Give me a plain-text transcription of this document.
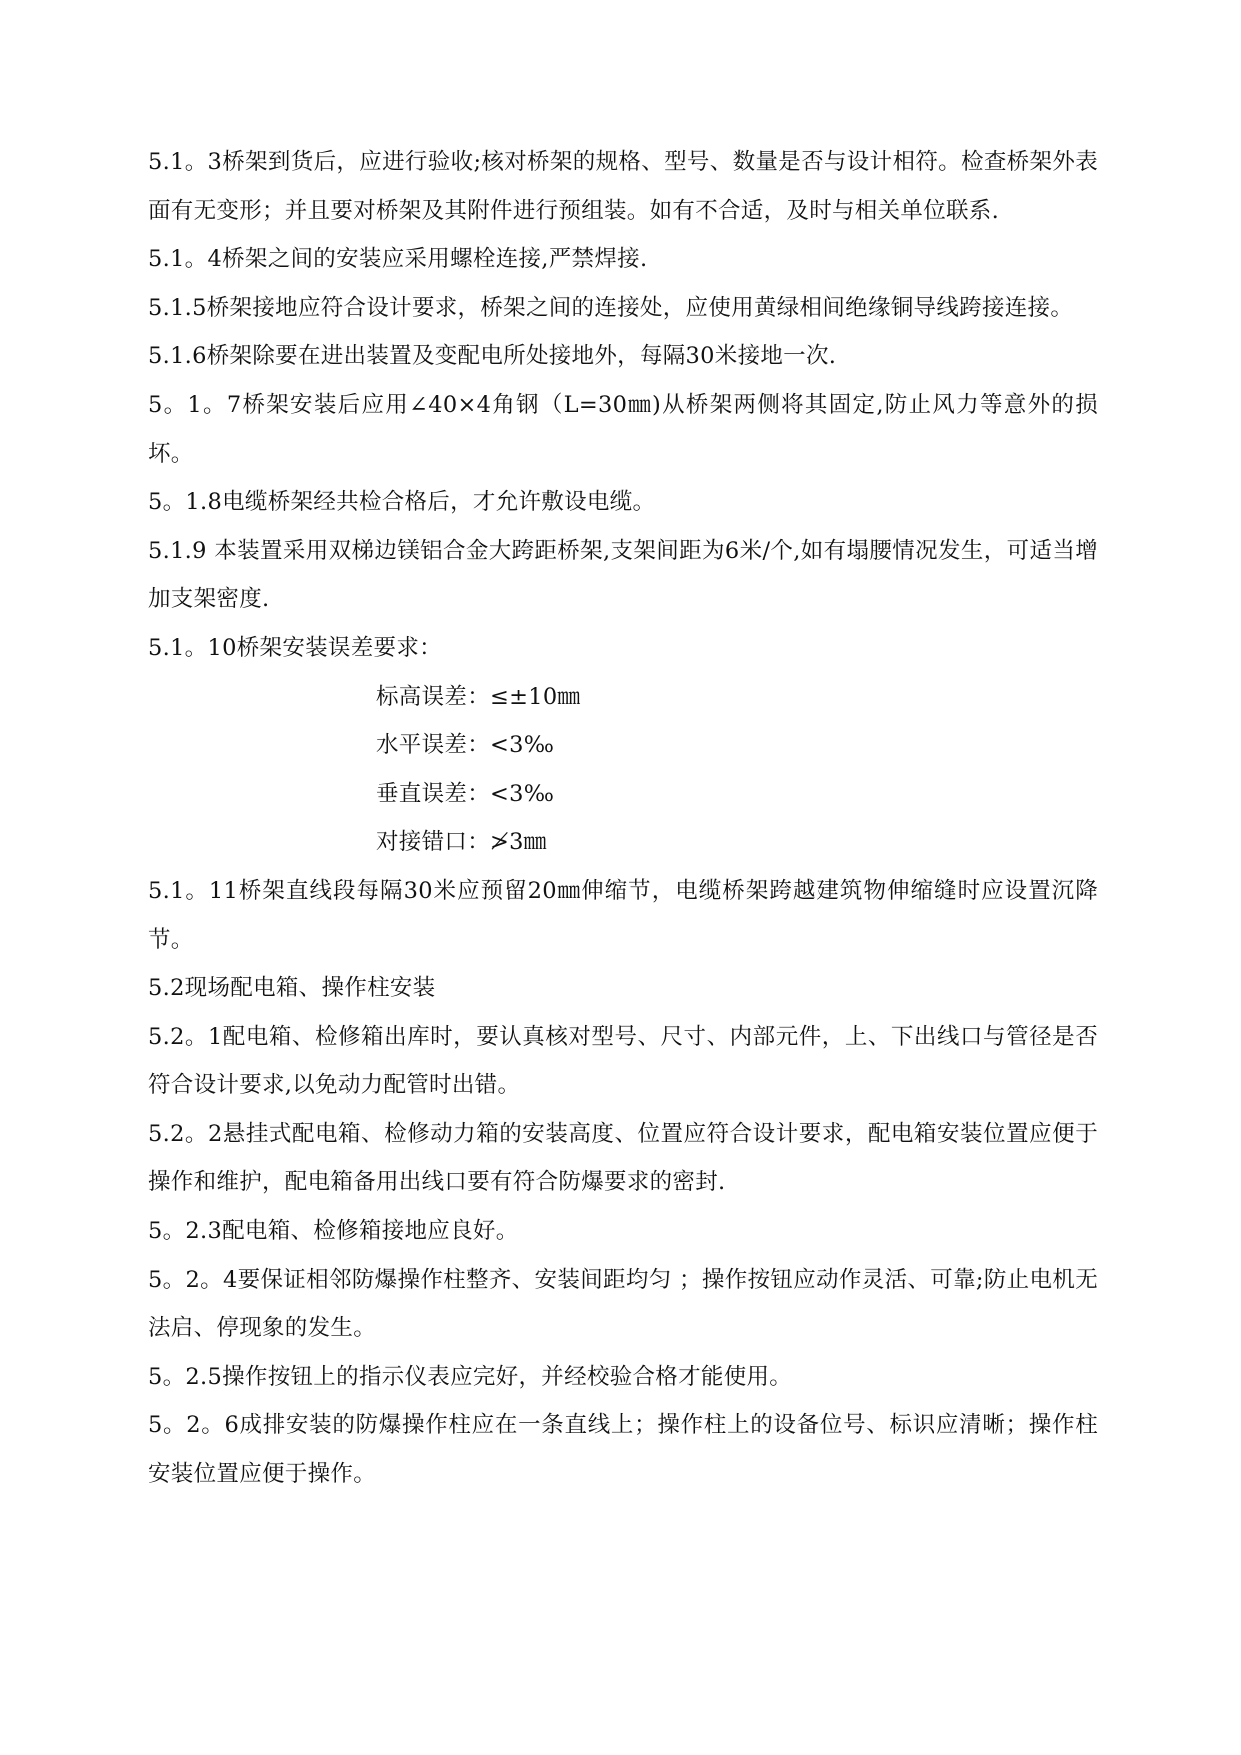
5.1。3桥架到货后，应进行验收;核对桥架的规格、型号、数量是否与设计相符。检查桥架外表面有无变形；并且要对桥架及其附件进行预组装。如有不合适，及时与相关单位联系.

5.1。4桥架之间的安装应采用螺栓连接,严禁焊接.

5.1.5桥架接地应符合设计要求，桥架之间的连接处，应使用黄绿相间绝缘铜导线跨接连接。

5.1.6桥架除要在进出装置及变配电所处接地外，每隔30米接地一次.

5。1。7桥架安装后应用∠40×4角钢（L=30㎜)从桥架两侧将其固定,防止风力等意外的损坏。

5。1.8电缆桥架经共检合格后，才允许敷设电缆。

5.1.9 本装置采用双梯边镁铝合金大跨距桥架,支架间距为6米/个,如有塌腰情况发生，可适当增加支架密度.

5.1。10桥架安装误差要求：

标高误差：≤±10㎜

水平误差：<3‰

垂直误差：<3‰

对接错口：≯3㎜

5.1。11桥架直线段每隔30米应预留20㎜伸缩节，电缆桥架跨越建筑物伸缩缝时应设置沉降节。

5.2现场配电箱、操作柱安装

5.2。1配电箱、检修箱出库时，要认真核对型号、尺寸、内部元件，上、下出线口与管径是否符合设计要求,以免动力配管时出错。

5.2。2悬挂式配电箱、检修动力箱的安装高度、位置应符合设计要求，配电箱安装位置应便于操作和维护，配电箱备用出线口要有符合防爆要求的密封.

5。2.3配电箱、检修箱接地应良好。

5。2。4要保证相邻防爆操作柱整齐、安装间距均匀 ；操作按钮应动作灵活、可靠;防止电机无法启、停现象的发生。

5。2.5操作按钮上的指示仪表应完好，并经校验合格才能使用。

5。2。6成排安装的防爆操作柱应在一条直线上；操作柱上的设备位号、标识应清晰；操作柱安装位置应便于操作。
